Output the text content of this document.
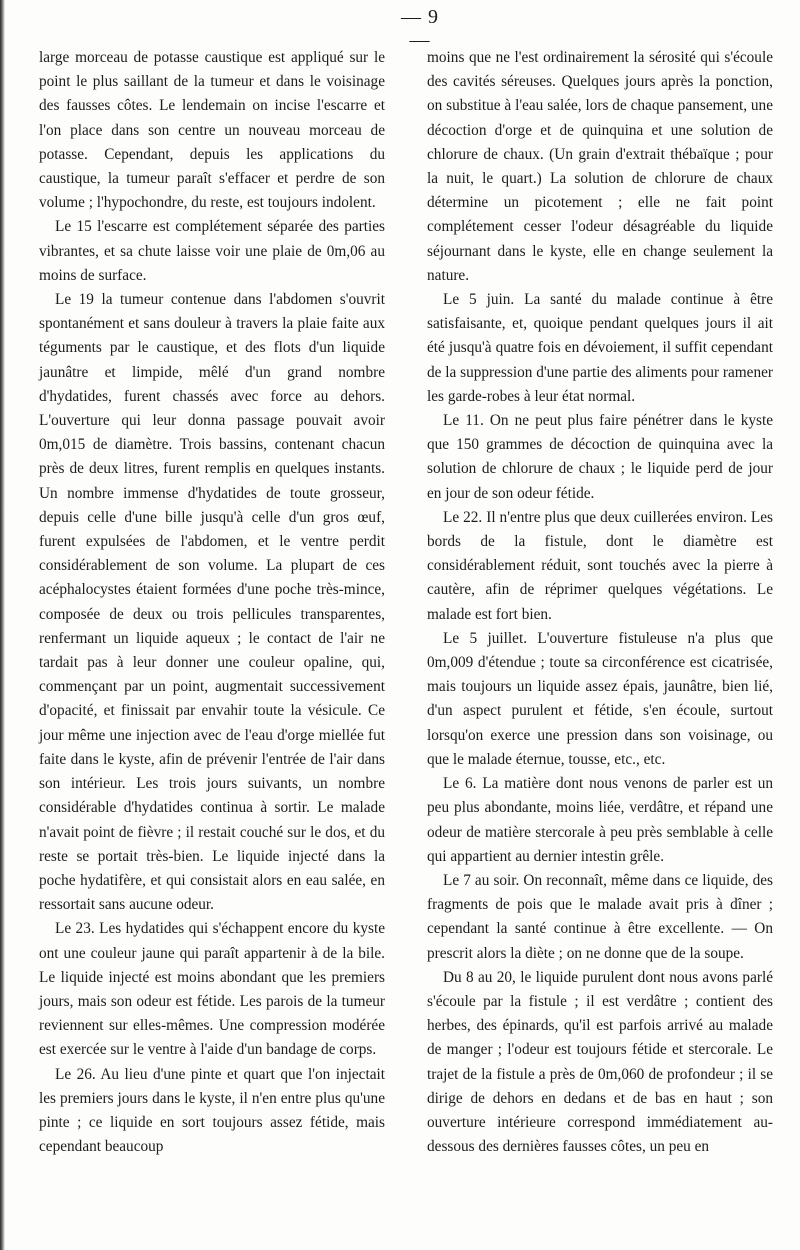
— 9 —

large morceau de potasse caustique est appliqué sur le point le plus saillant de la tumeur et dans le voisinage des fausses côtes. Le lendemain on incise l'escarre et l'on place dans son centre un nouveau morceau de potasse. Cependant, depuis les applications du caustique, la tumeur paraît s'effacer et perdre de son volume ; l'hypochondre, du reste, est toujours indolent.

Le 15 l'escarre est complétement séparée des parties vibrantes, et sa chute laisse voir une plaie de 0m,06 au moins de surface.

Le 19 la tumeur contenue dans l'abdomen s'ouvrit spontanément et sans douleur à travers la plaie faite aux téguments par le caustique, et des flots d'un liquide jaunâtre et limpide, mêlé d'un grand nombre d'hydatides, furent chassés avec force au dehors. L'ouverture qui leur donna passage pouvait avoir 0m,015 de diamètre. Trois bassins, contenant chacun près de deux litres, furent remplis en quelques instants. Un nombre immense d'hydatides de toute grosseur, depuis celle d'une bille jusqu'à celle d'un gros œuf, furent expulsées de l'abdomen, et le ventre perdit considérablement de son volume. La plupart de ces acéphalocystes étaient formées d'une poche très-mince, composée de deux ou trois pellicules transparentes, renfermant un liquide aqueux ; le contact de l'air ne tardait pas à leur donner une couleur opaline, qui, commençant par un point, augmentait successivement d'opacité, et finissait par envahir toute la vésicule. Ce jour même une injection avec de l'eau d'orge miellée fut faite dans le kyste, afin de prévenir l'entrée de l'air dans son intérieur. Les trois jours suivants, un nombre considérable d'hydatides continua à sortir. Le malade n'avait point de fièvre ; il restait couché sur le dos, et du reste se portait très-bien. Le liquide injecté dans la poche hydatifère, et qui consistait alors en eau salée, en ressortait sans aucune odeur.

Le 23. Les hydatides qui s'échappent encore du kyste ont une couleur jaune qui paraît appartenir à de la bile. Le liquide injecté est moins abondant que les premiers jours, mais son odeur est fétide. Les parois de la tumeur reviennent sur elles-mêmes. Une compression modérée est exercée sur le ventre à l'aide d'un bandage de corps.

Le 26. Au lieu d'une pinte et quart que l'on injectait les premiers jours dans le kyste, il n'en entre plus qu'une pinte ; ce liquide en sort toujours assez fétide, mais cependant beaucoup

moins que ne l'est ordinairement la sérosité qui s'écoule des cavités séreuses. Quelques jours après la ponction, on substitue à l'eau salée, lors de chaque pansement, une décoction d'orge et de quinquina et une solution de chlorure de chaux. (Un grain d'extrait thébaïque ; pour la nuit, le quart.) La solution de chlorure de chaux détermine un picotement ; elle ne fait point complétement cesser l'odeur désagréable du liquide séjournant dans le kyste, elle en change seulement la nature.

Le 5 juin. La santé du malade continue à être satisfaisante, et, quoique pendant quelques jours il ait été jusqu'à quatre fois en dévoiement, il suffit cependant de la suppression d'une partie des aliments pour ramener les garde-robes à leur état normal.

Le 11. On ne peut plus faire pénétrer dans le kyste que 150 grammes de décoction de quinquina avec la solution de chlorure de chaux ; le liquide perd de jour en jour de son odeur fétide.

Le 22. Il n'entre plus que deux cuillerées environ. Les bords de la fistule, dont le diamètre est considérablement réduit, sont touchés avec la pierre à cautère, afin de réprimer quelques végétations. Le malade est fort bien.

Le 5 juillet. L'ouverture fistuleuse n'a plus que 0m,009 d'étendue ; toute sa circonférence est cicatrisée, mais toujours un liquide assez épais, jaunâtre, bien lié, d'un aspect purulent et fétide, s'en écoule, surtout lorsqu'on exerce une pression dans son voisinage, ou que le malade éternue, tousse, etc., etc.

Le 6. La matière dont nous venons de parler est un peu plus abondante, moins liée, verdâtre, et répand une odeur de matière stercorale à peu près semblable à celle qui appartient au dernier intestin grêle.

Le 7 au soir. On reconnaît, même dans ce liquide, des fragments de pois que le malade avait pris à dîner ; cependant la santé continue à être excellente. — On prescrit alors la diète ; on ne donne que de la soupe.

Du 8 au 20, le liquide purulent dont nous avons parlé s'écoule par la fistule ; il est verdâtre ; contient des herbes, des épinards, qu'il est parfois arrivé au malade de manger ; l'odeur est toujours fétide et stercorale. Le trajet de la fistule a près de 0m,060 de profondeur ; il se dirige de dehors en dedans et de bas en haut ; son ouverture intérieure correspond immédiatement au-dessous des dernières fausses côtes, un peu en
